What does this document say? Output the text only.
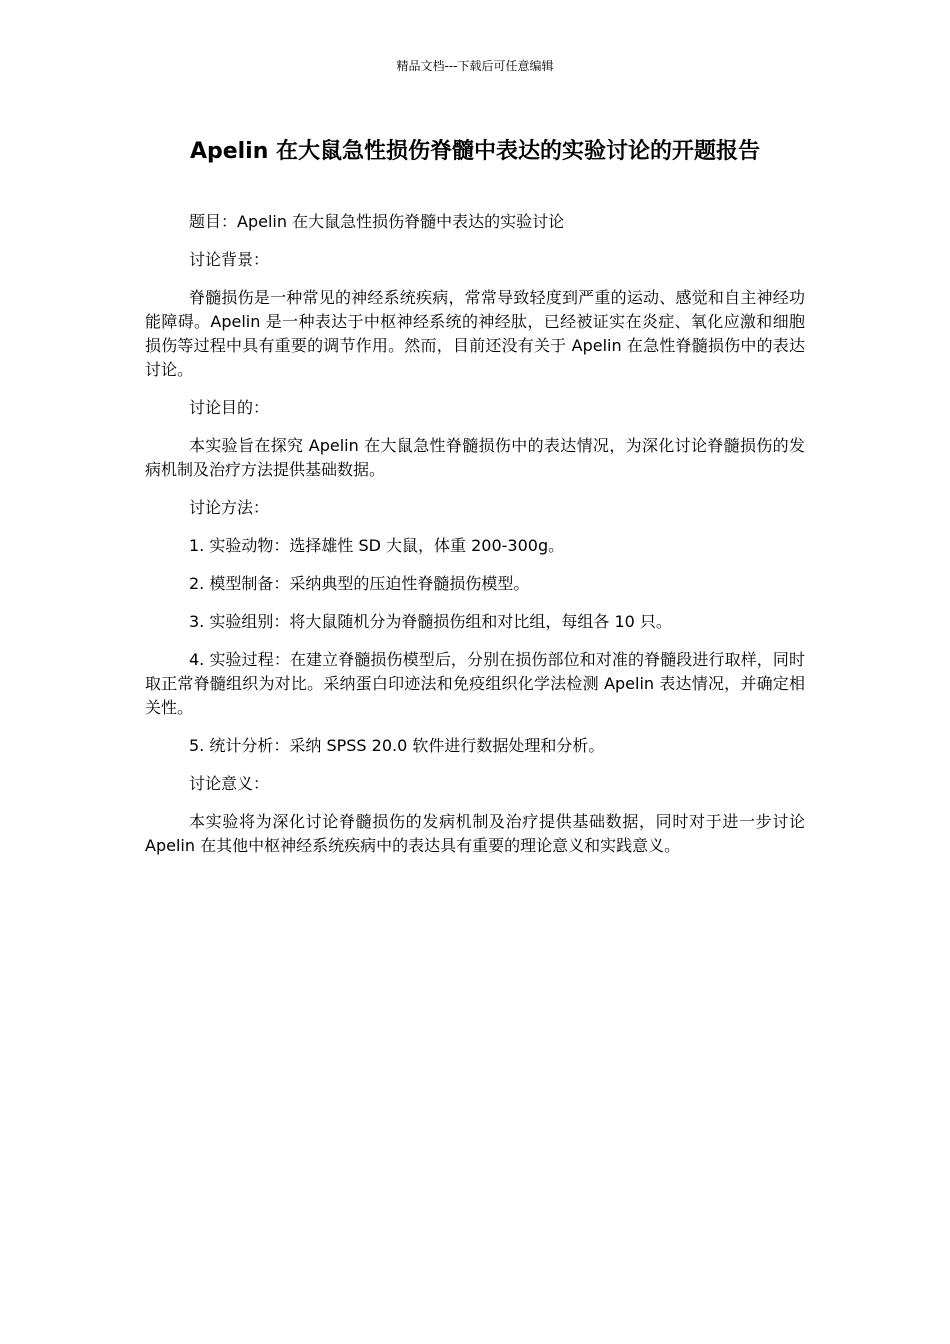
精品文档---下载后可任意编辑
Apelin 在大鼠急性损伤脊髓中表达的实验讨论的开题报告

题目：Apelin 在大鼠急性损伤脊髓中表达的实验讨论

讨论背景：

脊髓损伤是一种常见的神经系统疾病，常常导致轻度到严重的运动、感觉和自主神经功能障碍。Apelin 是一种表达于中枢神经系统的神经肽，已经被证实在炎症、氧化应激和细胞损伤等过程中具有重要的调节作用。然而，目前还没有关于 Apelin 在急性脊髓损伤中的表达讨论。

讨论目的：

本实验旨在探究 Apelin 在大鼠急性脊髓损伤中的表达情况，为深化讨论脊髓损伤的发病机制及治疗方法提供基础数据。

讨论方法：

1. 实验动物：选择雄性 SD 大鼠，体重 200-300g。

2. 模型制备：采纳典型的压迫性脊髓损伤模型。

3. 实验组别：将大鼠随机分为脊髓损伤组和对比组，每组各 10 只。

4. 实验过程：在建立脊髓损伤模型后，分别在损伤部位和对准的脊髓段进行取样，同时取正常脊髓组织为对比。采纳蛋白印迹法和免疫组织化学法检测 Apelin 表达情况，并确定相关性。

5. 统计分析：采纳 SPSS 20.0 软件进行数据处理和分析。

讨论意义：

本实验将为深化讨论脊髓损伤的发病机制及治疗提供基础数据，同时对于进一步讨论 Apelin 在其他中枢神经系统疾病中的表达具有重要的理论意义和实践意义。
